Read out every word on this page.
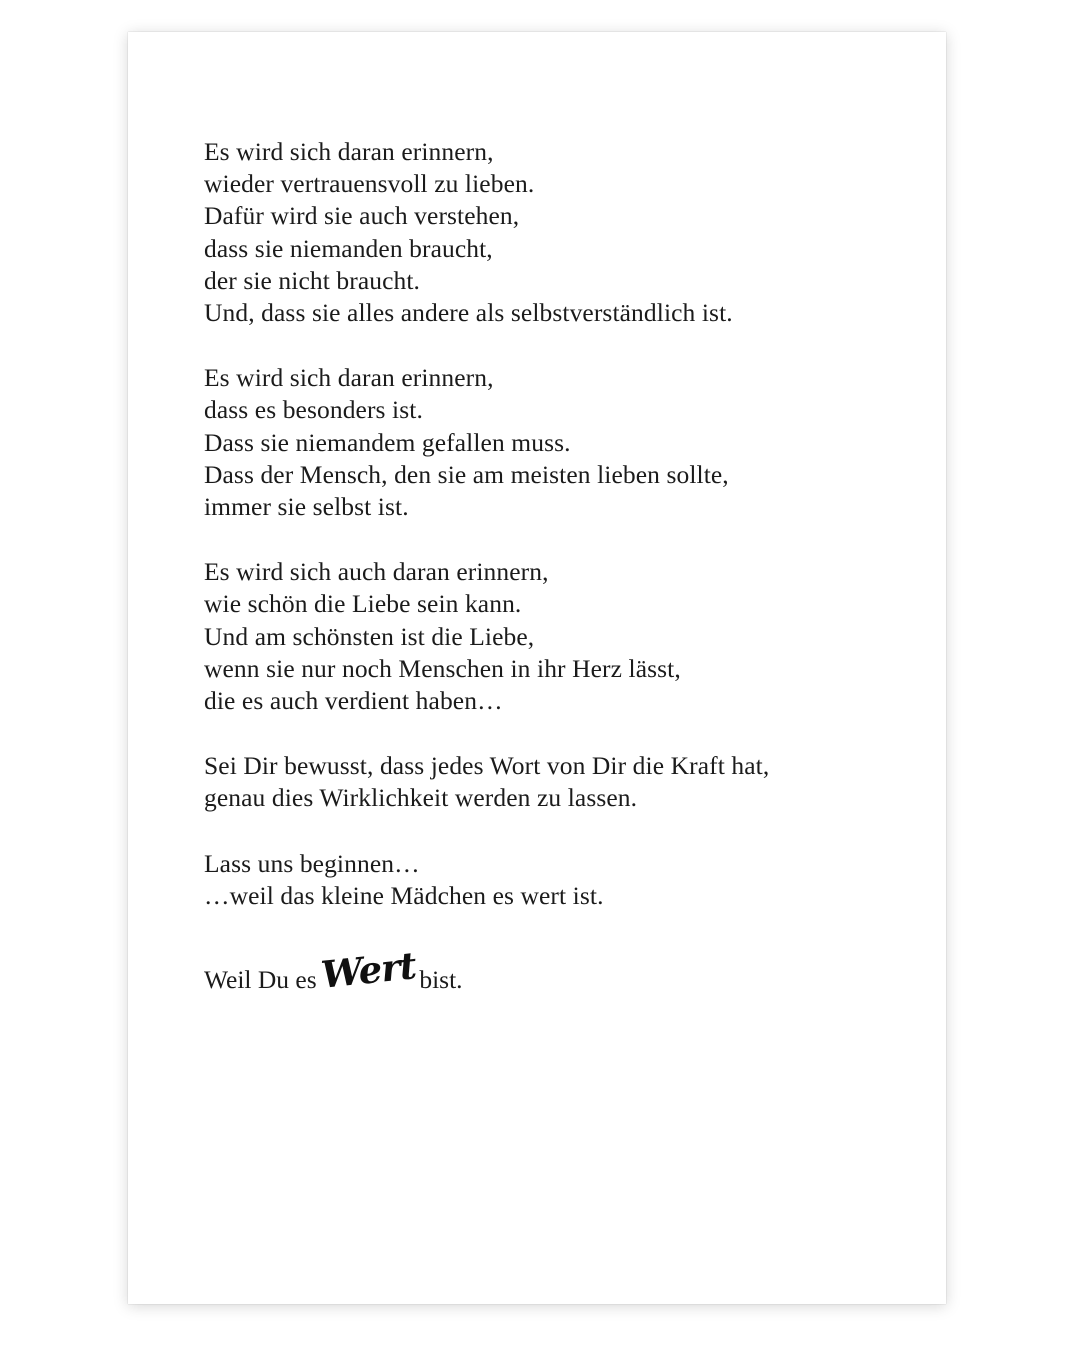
Es wird sich daran erinnern,
wieder vertrauensvoll zu lieben.
Dafür wird sie auch verstehen,
dass sie niemanden braucht,
der sie nicht braucht.
Und, dass sie alles andere als selbstverständlich ist.
Es wird sich daran erinnern,
dass es besonders ist.
Dass sie niemandem gefallen muss.
Dass der Mensch, den sie am meisten lieben sollte,
immer sie selbst ist.
Es wird sich auch daran erinnern,
wie schön die Liebe sein kann.
Und am schönsten ist die Liebe,
wenn sie nur noch Menschen in ihr Herz lässt,
die es auch verdient haben…
Sei Dir bewusst, dass jedes Wort von Dir die Kraft hat,
genau dies Wirklichkeit werden zu lassen.
Lass uns beginnen…
…weil das kleine Mädchen es wert ist.
Weil Du es Wert bist.
